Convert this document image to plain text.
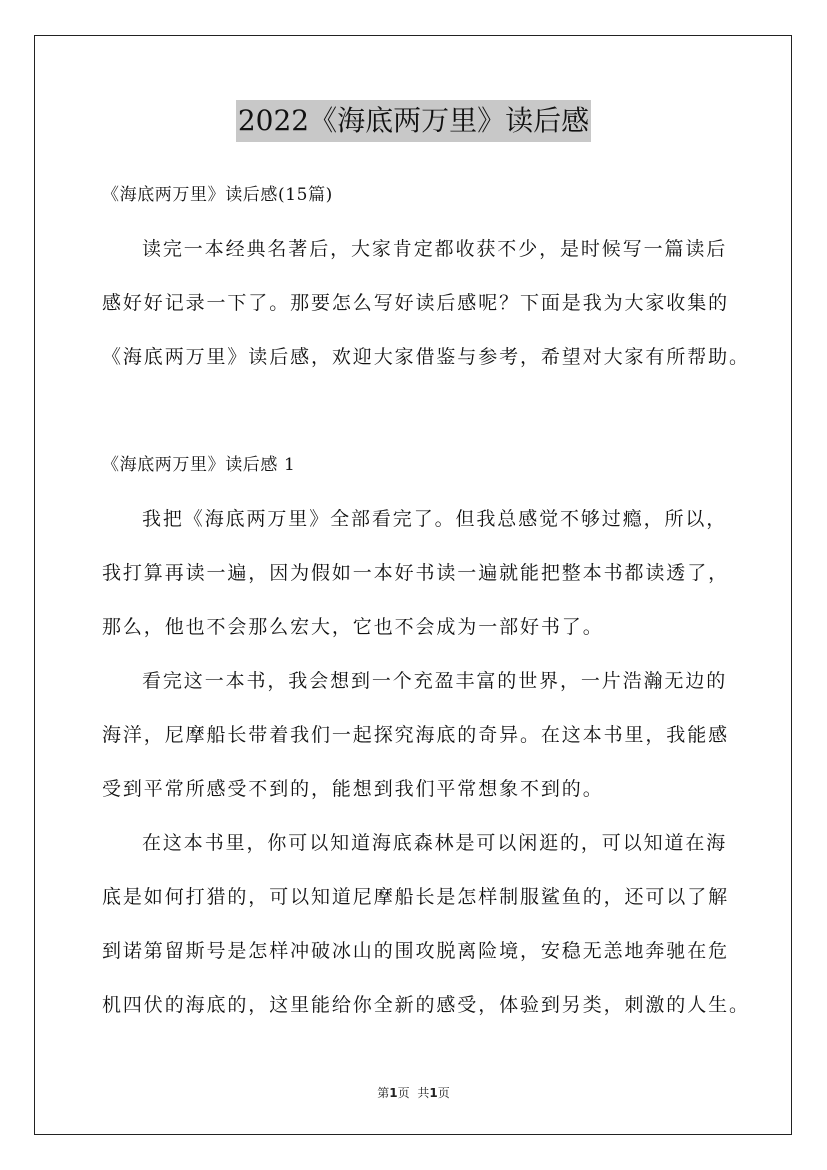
2022《海底两万里》读后感
《海底两万里》读后感(15篇)
读完一本经典名著后，大家肯定都收获不少，是时候写一篇读后
感好好记录一下了。那要怎么写好读后感呢？下面是我为大家收集的
《海底两万里》读后感，欢迎大家借鉴与参考，希望对大家有所帮助。
《海底两万里》读后感 1
我把《海底两万里》全部看完了。但我总感觉不够过瘾，所以，
我打算再读一遍，因为假如一本好书读一遍就能把整本书都读透了，
那么，他也不会那么宏大，它也不会成为一部好书了。
看完这一本书，我会想到一个充盈丰富的世界，一片浩瀚无边的
海洋，尼摩船长带着我们一起探究海底的奇异。在这本书里，我能感
受到平常所感受不到的，能想到我们平常想象不到的。
在这本书里，你可以知道海底森林是可以闲逛的，可以知道在海
底是如何打猎的，可以知道尼摩船长是怎样制服鲨鱼的，还可以了解
到诺第留斯号是怎样冲破冰山的围攻脱离险境，安稳无恙地奔驰在危
机四伏的海底的，这里能给你全新的感受，体验到另类，刺激的人生。
第1页 共1页
